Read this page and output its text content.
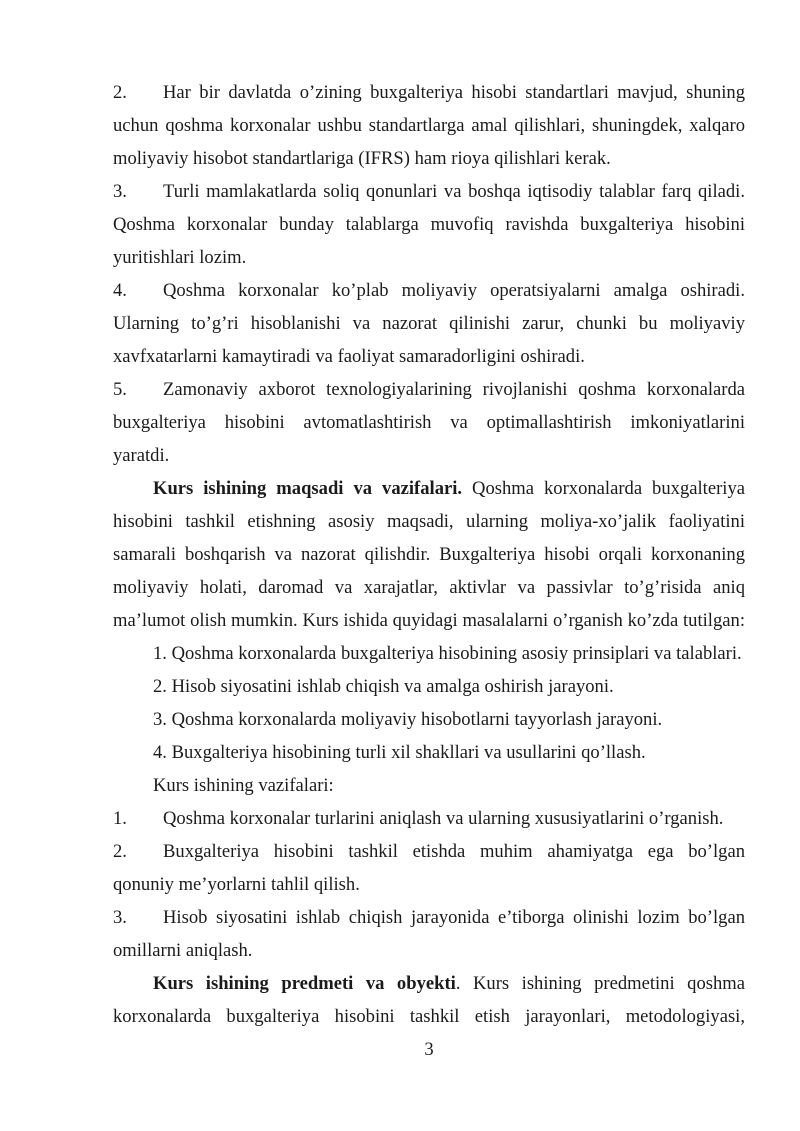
2. Har bir davlatda o’zining buxgalteriya hisobi standartlari mavjud, shuning
uchun qoshma korxonalar ushbu standartlarga amal qilishlari, shuningdek, xalqaro
moliyaviy hisobot standartlariga (IFRS) ham rioya qilishlari kerak.
3. Turli mamlakatlarda soliq qonunlari va boshqa iqtisodiy talablar farq qiladi.
Qoshma korxonalar bunday talablarga muvofiq ravishda buxgalteriya hisobini
yuritishlari lozim.
4. Qoshma korxonalar ko’plab moliyaviy operatsiyalarni amalga oshiradi.
Ularning to’g’ri hisoblanishi va nazorat qilinishi zarur, chunki bu moliyaviy
xavfxatarlarni kamaytiradi va faoliyat samaradorligini oshiradi.
5. Zamonaviy axborot texnologiyalarining rivojlanishi qoshma korxonalarda
buxgalteriya hisobini avtomatlashtirish va optimallashtirish imkoniyatlarini
yaratdi.
Kurs ishining maqsadi va vazifalari. Qoshma korxonalarda buxgalteriya
hisobini tashkil etishning asosiy maqsadi, ularning moliya-xo’jalik faoliyatini
samarali boshqarish va nazorat qilishdir. Buxgalteriya hisobi orqali korxonaning
moliyaviy holati, daromad va xarajatlar, aktivlar va passivlar to’g’risida aniq
ma’lumot olish mumkin. Kurs ishida quyidagi masalalarni o’rganish ko’zda tutilgan:
1. Qoshma korxonalarda buxgalteriya hisobining asosiy prinsiplari va talablari.
2. Hisob siyosatini ishlab chiqish va amalga oshirish jarayoni.
3. Qoshma korxonalarda moliyaviy hisobotlarni tayyorlash jarayoni.
4. Buxgalteriya hisobining turli xil shakllari va usullarini qo’llash.
Kurs ishining vazifalari:
1. Qoshma korxonalar turlarini aniqlash va ularning xususiyatlarini o’rganish.
2. Buxgalteriya hisobini tashkil etishda muhim ahamiyatga ega bo’lgan
qonuniy me’yorlarni tahlil qilish.
3. Hisob siyosatini ishlab chiqish jarayonida e’tiborga olinishi lozim bo’lgan
omillarni aniqlash.
Kurs ishining predmeti va obyekti. Kurs ishining predmetini qoshma
korxonalarda buxgalteriya hisobini tashkil etish jarayonlari, metodologiyasi,
3
